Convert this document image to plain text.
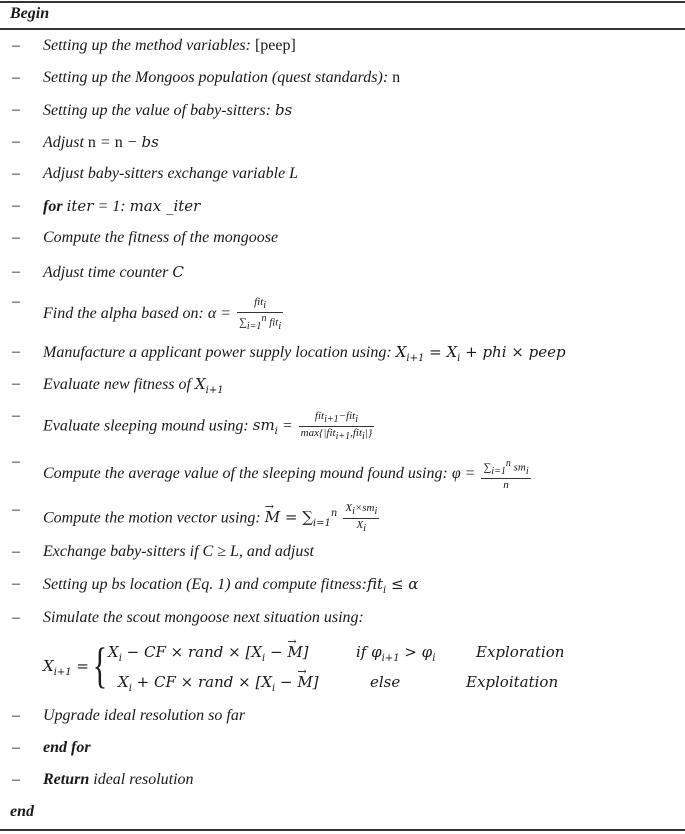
Begin
– Setting up the method variables: [peep]
– Setting up the Mongoos population (quest standards): n
– Setting up the value of baby-sitters: bs
– Adjust n = n − bs
– Adjust baby-sitters exchange variable L
– for iter = 1: max _iter
– Compute the fitness of the mongoose
– Adjust time counter C
–
Find the alpha based on: $\alpha = \frac{fit_i}{\sum_{i=1}^n fit_i}$
– Manufacture a applicant power supply location using: $X_{i+1} = X_i$ + phi × peep
– Evaluate new fitness of $X_{i+1}$
–
Evaluate sleeping mound using: $sm_i = \frac{fit_{i+1}-fit_i}{\max\{|fit_{i+1},fit_i|\}}$
–
Compute the average value of the sleeping mound found using: $\varphi = \frac{\sum_{i=1}^n sm_i}{n}$
– Compute the motion vector using: → $M = \sum_{i=1}^n \frac{X_i\times sm_i}{X_i}$
– Exchange baby-sitters if C ≥ L, and adjust
– Setting up bs location (Eq. 1) and compute fitness:fit$_i$ ≤ α
– Simulate the scout mongoose next situation using:
$X_{i+1}$ = { $X_i$ − CF × rand × [$X_i$ − → M]	if $\varphi_{i+1} > \varphi_i$	Exploration
$X_i$ + CF × rand × [$X_i$ − → M]	else	Exploitation
– Upgrade ideal resolution so far
– end for
– Return ideal resolution
end
